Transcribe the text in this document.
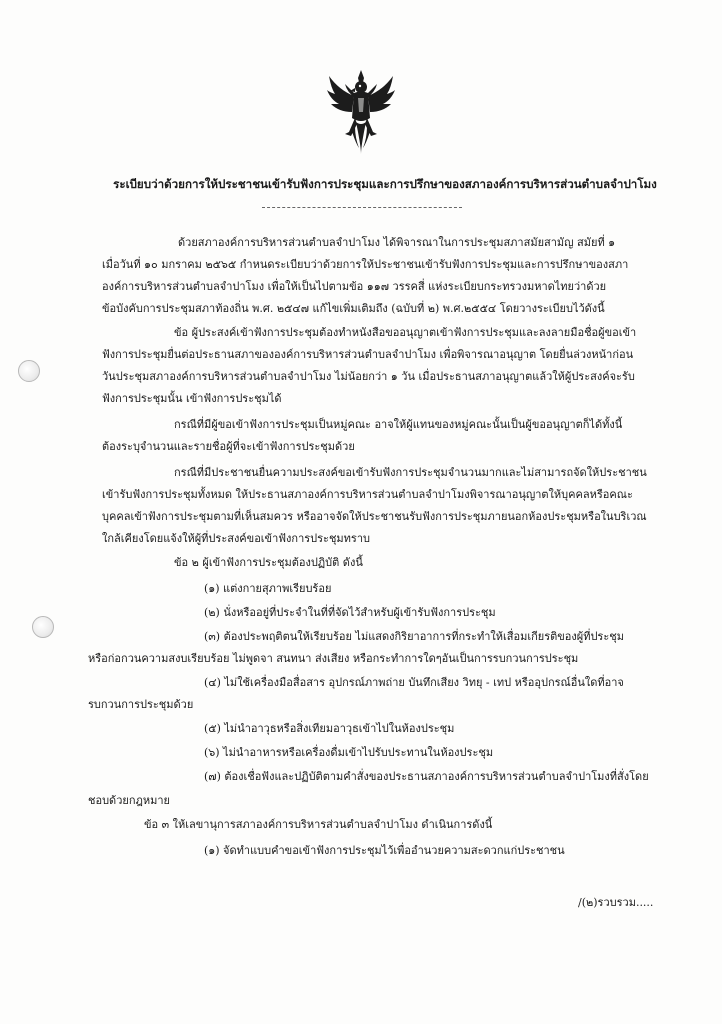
ระเบียบว่าด้วยการให้ประชาชนเข้ารับฟังการประชุมและการปรึกษาของสภาองค์การบริหารส่วนตำบลจำปาโมง
ด้วยสภาองค์การบริหารส่วนตำบลจำปาโมง ได้พิจารณาในการประชุมสภาสมัยสามัญ สมัยที่ ๑
เมื่อวันที่ ๑๐ มกราคม ๒๕๖๕ กำหนดระเบียบว่าด้วยการให้ประชาชนเข้ารับฟังการประชุมและการปรึกษาของสภา
องค์การบริหารส่วนตำบลจำปาโมง เพื่อให้เป็นไปตามข้อ ๑๑๗ วรรคสี่ แห่งระเบียบกระทรวงมหาดไทยว่าด้วย
ข้อบังคับการประชุมสภาท้องถิ่น พ.ศ. ๒๕๔๗ แก้ไขเพิ่มเติมถึง (ฉบับที่ ๒) พ.ศ.๒๕๕๔ โดยวางระเบียบไว้ดังนี้
ข้อ ผู้ประสงค์เข้าฟังการประชุมต้องทำหนังสือขออนุญาตเข้าฟังการประชุมและลงลายมือชื่อผู้ขอเข้า
ฟังการประชุมยื่นต่อประธานสภาขององค์การบริหารส่วนตำบลจำปาโมง เพื่อพิจารณาอนุญาต โดยยื่นล่วงหน้าก่อน
วันประชุมสภาองค์การบริหารส่วนตำบลจำปาโมง ไม่น้อยกว่า ๑ วัน เมื่อประธานสภาอนุญาตแล้วให้ผู้ประสงค์จะรับ
ฟังการประชุมนั้น เข้าฟังการประชุมได้
กรณีที่มีผู้ขอเข้าฟังการประชุมเป็นหมู่คณะ อาจให้ผู้แทนของหมู่คณะนั้นเป็นผู้ขออนุญาตก็ได้ทั้งนี้
ต้องระบุจำนวนและรายชื่อผู้ที่จะเข้าฟังการประชุมด้วย
กรณีที่มีประชาชนยื่นความประสงค์ขอเข้ารับฟังการประชุมจำนวนมากและไม่สามารถจัดให้ประชาชน
เข้ารับฟังการประชุมทั้งหมด ให้ประธานสภาองค์การบริหารส่วนตำบลจำปาโมงพิจารณาอนุญาตให้บุคคลหรือคณะ
บุคคลเข้าฟังการประชุมตามที่เห็นสมควร หรืออาจจัดให้ประชาชนรับฟังการประชุมภายนอกห้องประชุมหรือในบริเวณ
ใกล้เคียงโดยแจ้งให้ผู้ที่ประสงค์ขอเข้าฟังการประชุมทราบ
ข้อ ๒ ผู้เข้าฟังการประชุมต้องปฏิบัติ ดังนี้
(๑) แต่งกายสุภาพเรียบร้อย
(๒) นั่งหรืออยู่ที่ประจำในที่ที่จัดไว้สำหรับผู้เข้ารับฟังการประชุม
(๓) ต้องประพฤติตนให้เรียบร้อย ไม่แสดงกิริยาอาการที่กระทำให้เสื่อมเกียรติของผู้ที่ประชุม
หรือก่อกวนความสงบเรียบร้อย ไม่พูดจา สนทนา ส่งเสียง หรือกระทำการใดๆอันเป็นการรบกวนการประชุม
(๔) ไม่ใช้เครื่องมือสื่อสาร อุปกรณ์ภาพถ่าย บันทึกเสียง วิทยุ - เทป หรืออุปกรณ์อื่นใดที่อาจ
รบกวนการประชุมด้วย
(๕) ไม่นำอาวุธหรือสิ่งเทียมอาวุธเข้าไปในห้องประชุม
(๖) ไม่นำอาหารหรือเครื่องดื่มเข้าไปรับประทานในห้องประชุม
(๗) ต้องเชื่อฟังและปฏิบัติตามคำสั่งของประธานสภาองค์การบริหารส่วนตำบลจำปาโมงที่สั่งโดย
ชอบด้วยกฎหมาย
ข้อ ๓ ให้เลขานุการสภาองค์การบริหารส่วนตำบลจำปาโมง ดำเนินการดังนี้
(๑) จัดทำแบบคำขอเข้าฟังการประชุมไว้เพื่ออำนวยความสะดวกแก่ประชาชน
/(๒)รวบรวม.....
